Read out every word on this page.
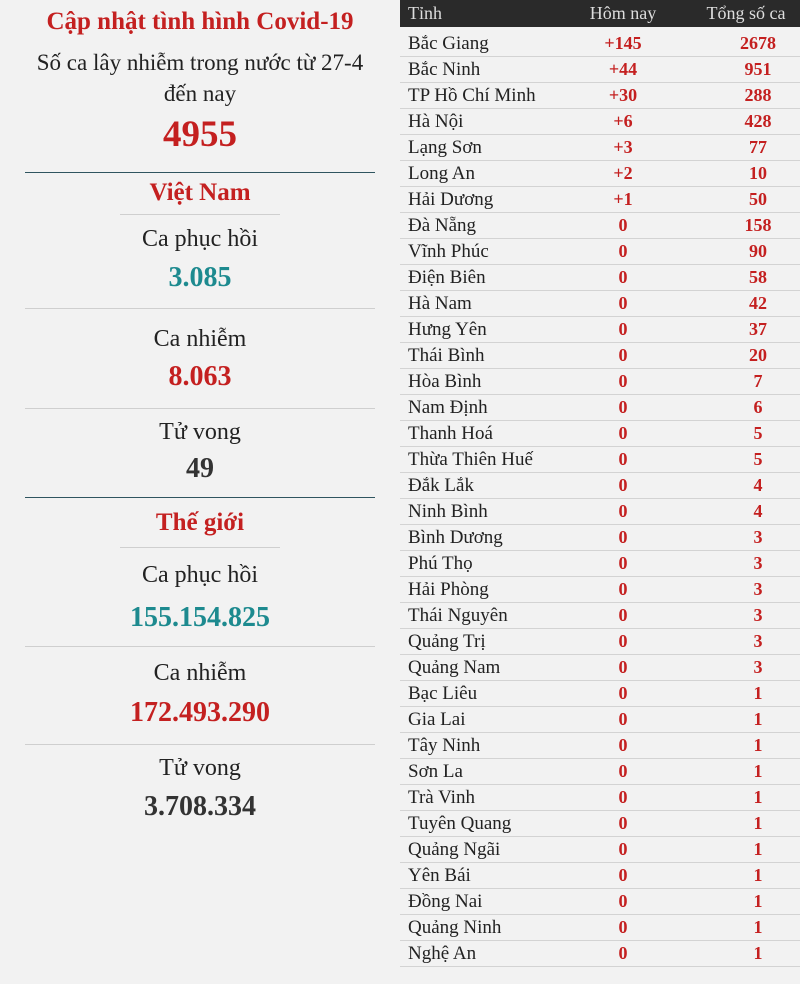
Cập nhật tình hình Covid-19
Số ca lây nhiễm trong nước từ 27-4 đến nay
4955
Việt Nam
Ca phục hồi
3.085
Ca nhiễm
8.063
Tử vong
49
Thế giới
Ca phục hồi
155.154.825
Ca nhiễm
172.493.290
Tử vong
3.708.334
Tỉnh	Hôm nay	Tổng số ca
Bắc Giang	+145	2678
Bắc Ninh	+44	951
TP Hồ Chí Minh	+30	288
Hà Nội	+6	428
Lạng Sơn	+3	77
Long An	+2	10
Hải Dương	+1	50
Đà Nẵng	0	158
Vĩnh Phúc	0	90
Điện Biên	0	58
Hà Nam	0	42
Hưng Yên	0	37
Thái Bình	0	20
Hòa Bình	0	7
Nam Định	0	6
Thanh Hoá	0	5
Thừa Thiên Huế	0	5
Đắk Lắk	0	4
Ninh Bình	0	4
Bình Dương	0	3
Phú Thọ	0	3
Hải Phòng	0	3
Thái Nguyên	0	3
Quảng Trị	0	3
Quảng Nam	0	3
Bạc Liêu	0	1
Gia Lai	0	1
Tây Ninh	0	1
Sơn La	0	1
Trà Vinh	0	1
Tuyên Quang	0	1
Quảng Ngãi	0	1
Yên Bái	0	1
Đồng Nai	0	1
Quảng Ninh	0	1
Nghệ An	0	1
